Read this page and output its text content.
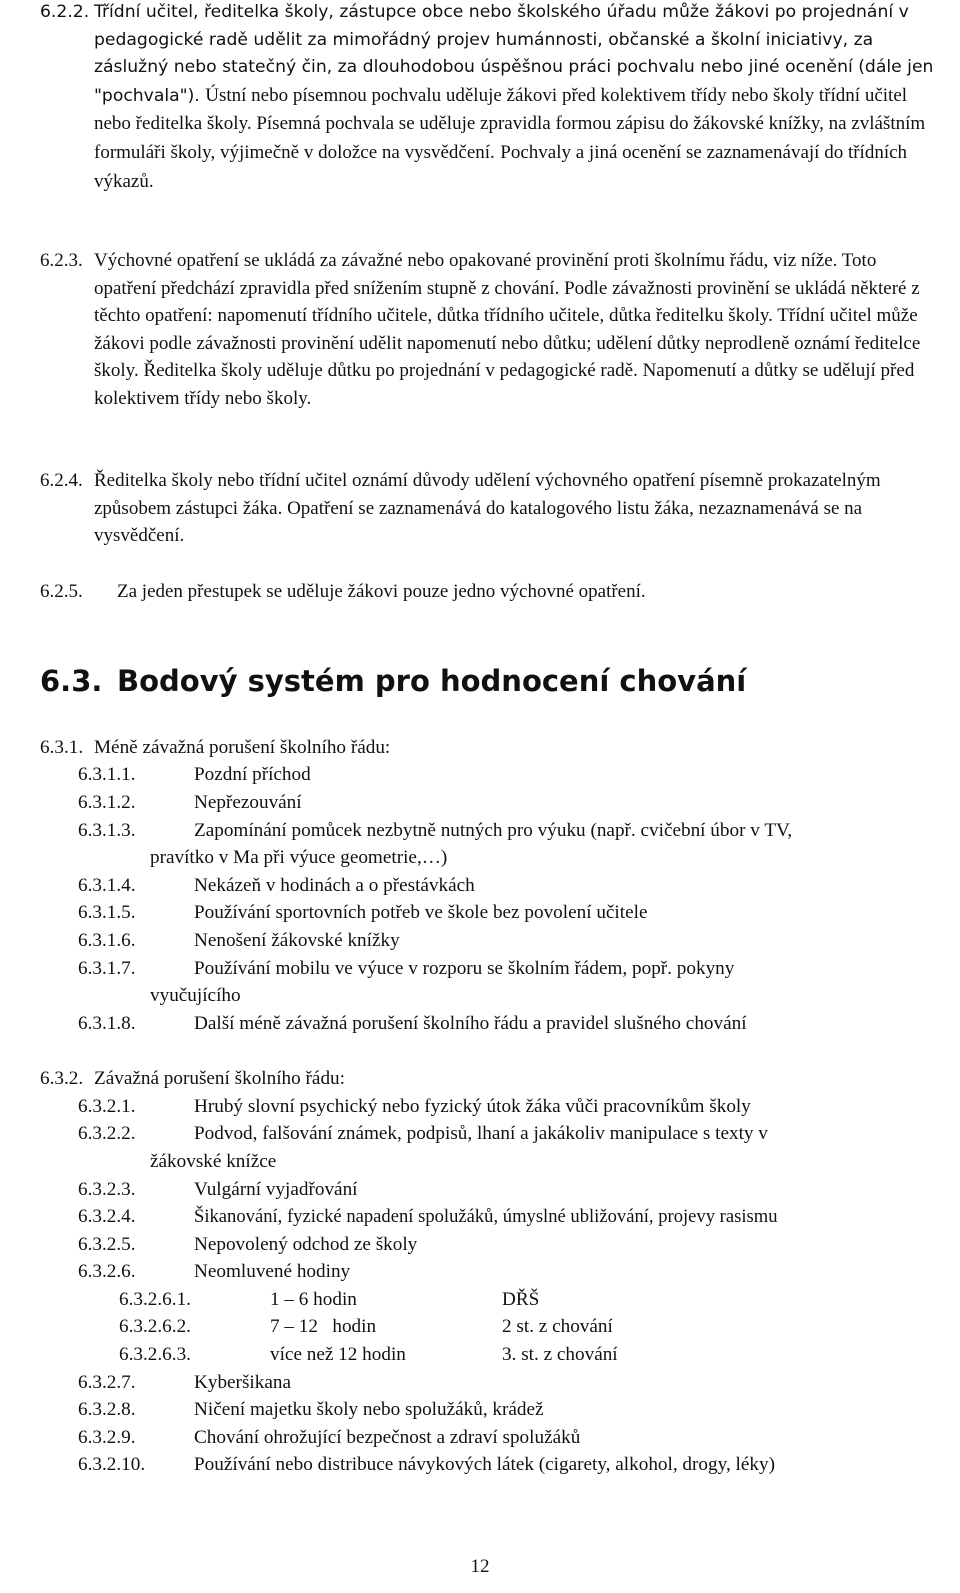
6.2.2. Třídní učitel, ředitelka školy, zástupce obce nebo školského úřadu může žákovi po projednání v pedagogické radě udělit za mimořádný projev humánnosti, občanské a školní iniciativy, za záslužný nebo statečný čin, za dlouhodobou úspěšnou práci pochvalu nebo jiné ocenění (dále jen "pochvala"). Ústní nebo písemnou pochvalu uděluje žákovi před kolektivem třídy nebo školy třídní učitel nebo ředitelka školy. Písemná pochvala se uděluje zpravidla formou zápisu do žákovské knížky, na zvláštním formuláři školy, výjimečně v doložce na vysvědčení. Pochvaly a jiná ocenění se zaznamenávají do třídních výkazů.
6.2.3. Výchovné opatření se ukládá za závažné nebo opakované provinění proti školnímu řádu, viz níže. Toto opatření předchází zpravidla před snížením stupně z chování. Podle závažnosti provinění se ukládá některé z těchto opatření: napomenutí třídního učitele, důtka třídního učitele, důtka ředitelku školy. Třídní učitel může žákovi podle závažnosti provinění udělit napomenutí nebo důtku; udělení důtky neprodleně oznámí ředitelce školy. Ředitelka školy uděluje důtku po projednání v pedagogické radě. Napomenutí a důtky se udělují před kolektivem třídy nebo školy.
6.2.4. Ředitelka školy nebo třídní učitel oznámí důvody udělení výchovného opatření písemně prokazatelným způsobem zástupci žáka. Opatření se zaznamenává do katalogového listu žáka, nezaznamenává se na vysvědčení.
6.2.5. Za jeden přestupek se uděluje žákovi pouze jedno výchovné opatření.
6.3. Bodový systém pro hodnocení chování
6.3.1. Méně závažná porušení školního řádu:
6.3.1.1.	Pozdní příchod
6.3.1.2.	Nepřezouvání
6.3.1.3.	Zapomínání pomůcek nezbytně nutných pro výuku (např. cvičební úbor v TV,
pravítko v Ma při výuce geometrie,…)
6.3.1.4.	Nekázeň v hodinách a o přestávkách
6.3.1.5.	Používání sportovních potřeb ve škole bez povolení učitele
6.3.1.6.	Nenošení žákovské knížky
6.3.1.7.	Používání mobilu ve výuce v rozporu se školním řádem, popř. pokyny
vyučujícího
6.3.1.8.	Další méně závažná porušení školního řádu a pravidel slušného chování
6.3.2. Závažná porušení školního řádu:
6.3.2.1.	Hrubý slovní psychický nebo fyzický útok žáka vůči pracovníkům školy
6.3.2.2.	Podvod, falšování známek, podpisů, lhaní a jakákoliv manipulace s texty v
žákovské knížce
6.3.2.3.	Vulgární vyjadřování
6.3.2.4.	Šikanování, fyzické napadení spolužáků, úmyslné ubližování, projevy rasismu
6.3.2.5.	Nepovolený odchod ze školy
6.3.2.6.	Neomluvené hodiny
6.3.2.6.1.	1 – 6 hodin	DŘŠ
6.3.2.6.2.	7 – 12   hodin	2 st. z chování
6.3.2.6.3.	více než 12 hodin	3. st. z chování
6.3.2.7.	Kyberšikana
6.3.2.8.	Ničení majetku školy nebo spolužáků, krádež
6.3.2.9.	Chování ohrožující bezpečnost a zdraví spolužáků
6.3.2.10.	Používání nebo distribuce návykových látek (cigarety, alkohol, drogy, léky)
12
